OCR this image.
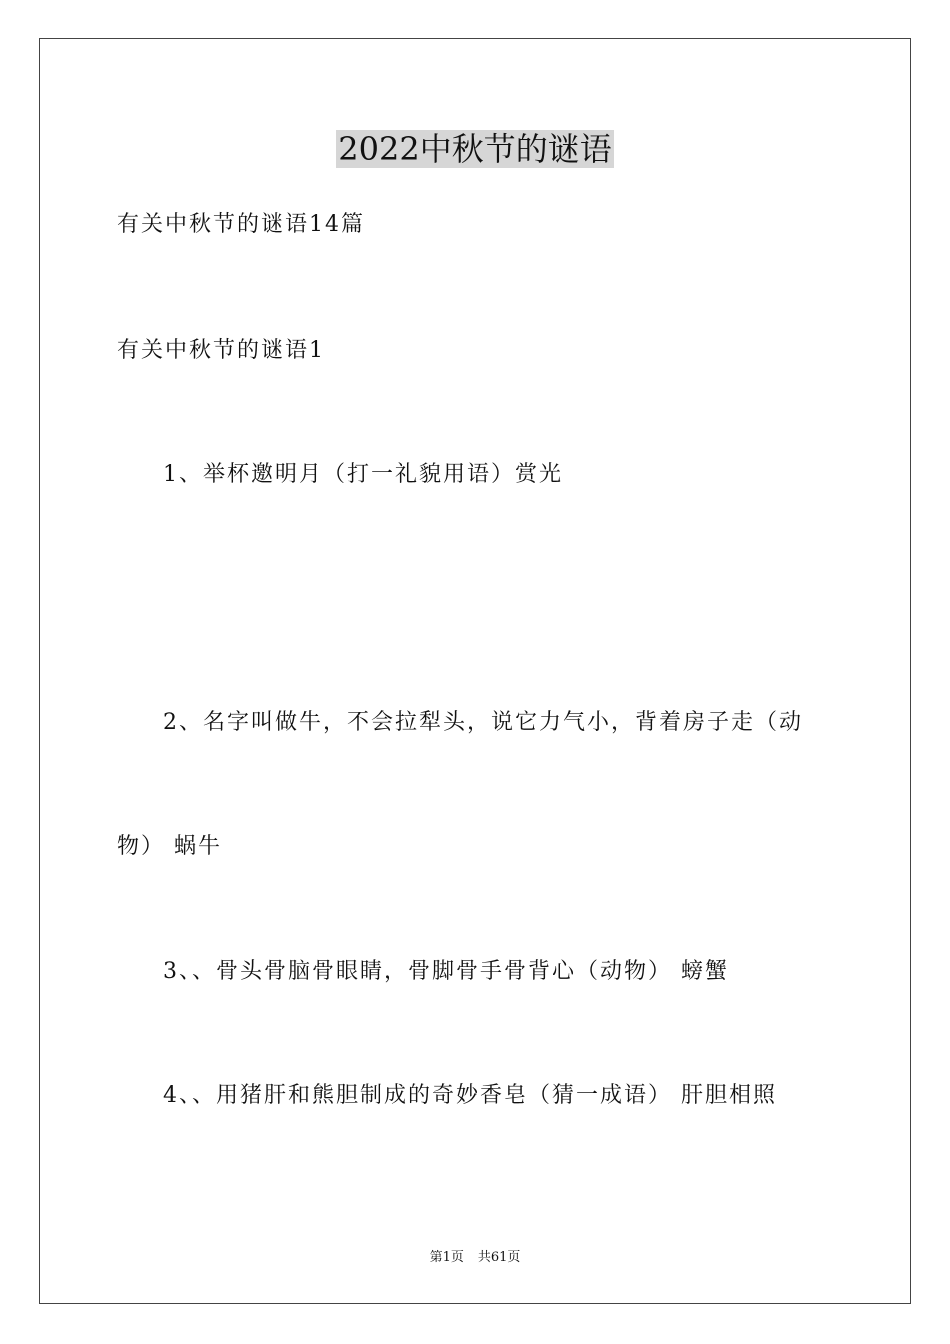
2022中秋节的谜语

有关中秋节的谜语14篇

有关中秋节的谜语1

1、举杯邀明月（打一礼貌用语）赏光

2、名字叫做牛，不会拉犁头，说它力气小，背着房子走（动

物） 蜗牛

3、、骨头骨脑骨眼睛，骨脚骨手骨背心（动物） 螃蟹

4、、用猪肝和熊胆制成的奇妙香皂（猜一成语） 肝胆相照

第1页 共61页
